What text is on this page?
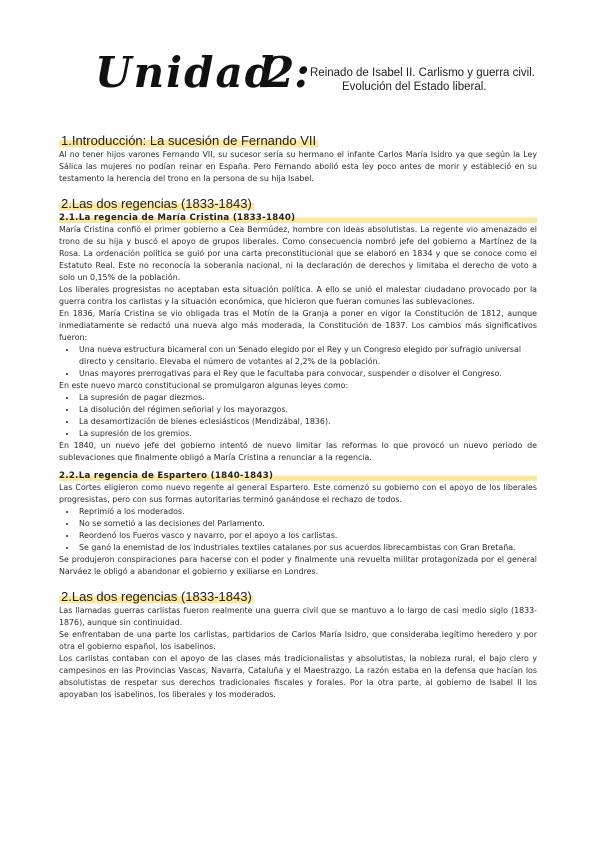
Unidad
2: Reinado de Isabel II. Carlismo y guerra civil.
Evolución del Estado liberal.
1.Introducción: La sucesión de Fernando VII

Al no tener hijos varones Fernando VII, su sucesor sería su hermano el infante Carlos María Isidro ya que según la Ley Sálica las mujeres no podían reinar en España. Pero Fernando abolió esta ley poco antes de morir y estableció en su testamento la herencia del trono en la persona de su hija Isabel.

2.Las dos regencias (1833-1843)
2.1.La regencia de María Cristina (1833-1840)

María Cristina confió el primer gobierno a Cea Bermúdez, hombre con ideas absolutistas. La regente vio amenazado el trono de su hija y buscó el apoyo de grupos liberales. Como consecuencia nombró jefe del gobierno a Martínez de la Rosa. La ordenación política se guió por una carta preconstitucional que se elaboró en 1834 y que se conoce como el Estatuto Real. Este no reconocía la soberanía nacional, ni la declaración de derechos y limitaba el derecho de voto a solo un 0,15% de la población.

Los liberales progresistas no aceptaban esta situación política. A ello se unió el malestar ciudadano provocado por la guerra contra los carlistas y la situación económica, que hicieron que fueran comunes las sublevaciones.

En 1836, María Cristina se vio obligada tras el Motín de la Granja a poner en vigor la Constitución de 1812, aunque inmediatamente se redactó una nueva algo más moderada, la Constitución de 1837. Los cambios más significativos fueron:

• Una nueva estructura bicameral con un Senado elegido por el Rey y un Congreso elegido por sufragio universal directo y censitario. Elevaba el número de votantes al 2,2% de la población.
• Unas mayores prerrogativas para el Rey que le facultaba para convocar, suspender o disolver el Congreso.

En este nuevo marco constitucional se promulgaron algunas leyes como:

• La supresión de pagar diezmos.
• La disolución del régimen señorial y los mayorazgos.
• La desamortización de bienes eclesiásticos (Mendizábal, 1836).
• La supresión de los gremios.

En 1840, un nuevo jefe del gobierno intentó de nuevo limitar las reformas lo que provocó un nuevo periodo de sublevaciones que finalmente obligó a María Cristina a renunciar a la regencia.

2.2.La regencia de Espartero (1840-1843)

Las Cortes eligieron como nuevo regente al general Espartero. Este comenzó su gobierno con el apoyo de los liberales progresistas, pero con sus formas autoritarias terminó ganándose el rechazo de todos.

• Reprimió a los moderados.
• No se sometió a las decisiones del Parlamento.
• Reordenó los Fueros vasco y navarro, por el apoyo a los carlistas.
• Se ganó la enemistad de los industriales textiles catalanes por sus acuerdos librecambistas con Gran Bretaña.

Se produjeron conspiraciones para hacerse con el poder y finalmente una revuelta militar protagonizada por el general Narváez le obligó a abandonar el gobierno y exiliarse en Londres.

2.Las dos regencias (1833-1843)

Las llamadas guerras carlistas fueron realmente una guerra civil que se mantuvo a lo largo de casi medio siglo (1833-1876), aunque sin continuidad.

Se enfrentaban de una parte los carlistas, partidarios de Carlos María Isidro, que consideraba legítimo heredero y por otra el gobierno español, los isabelinos.

Los carlistas contaban con el apoyo de las clases más tradicionalistas y absolutistas, la nobleza rural, el bajo clero y campesinos en las Provincias Vascas, Navarra, Cataluña y el Maestrazgo. La razón estaba en la defensa que hacían los absolutistas de respetar sus derechos tradicionales fiscales y forales. Por la otra parte, al gobierno de Isabel II los apoyaban los isabelinos, los liberales y los moderados.
